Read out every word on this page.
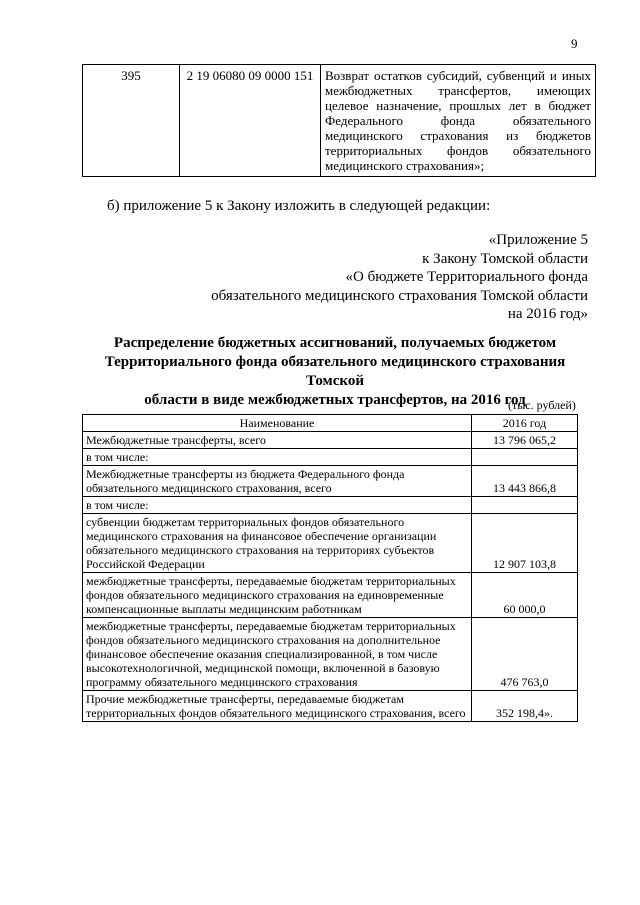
9
395	2 19 06080 09 0000 151	Возврат остатков субсидий, субвенций и иных межбюджетных трансфертов, имеющих целевое назначение, прошлых лет в бюджет Федерального фонда обязательного медицинского страхования из бюджетов территориальных фондов обязательного медицинского страхования»;
б) приложение 5 к Закону изложить в следующей редакции:
«Приложение 5
к Закону Томской области
«О бюджете Территориального фонда
обязательного медицинского страхования Томской области
на 2016 год»
Распределение бюджетных ассигнований, получаемых бюджетом
Территориального фонда обязательного медицинского страхования Томской
области в виде межбюджетных трансфертов, на 2016 год
(тыс. рублей)
Наименование	2016 год
Межбюджетные трансферты, всего	13 796 065,2
в том числе:	
Межбюджетные трансферты из бюджета Федерального фонда обязательного медицинского страхования, всего	13 443 866,8
в том числе:	
субвенции бюджетам территориальных фондов обязательного медицинского страхования на финансовое обеспечение организации обязательного медицинского страхования на территориях субъектов Российской Федерации	12 907 103,8
межбюджетные трансферты, передаваемые бюджетам территориальных фондов обязательного медицинского страхования на единовременные компенсационные выплаты медицинским работникам	60 000,0
межбюджетные трансферты, передаваемые бюджетам территориальных фондов обязательного медицинского страхования на дополнительное финансовое обеспечение оказания специализированной, в том числе высокотехнологичной, медицинской помощи, включенной в базовую программу обязательного медицинского страхования	476 763,0
Прочие межбюджетные трансферты, передаваемые бюджетам территориальных фондов обязательного медицинского страхования, всего	352 198,4».
